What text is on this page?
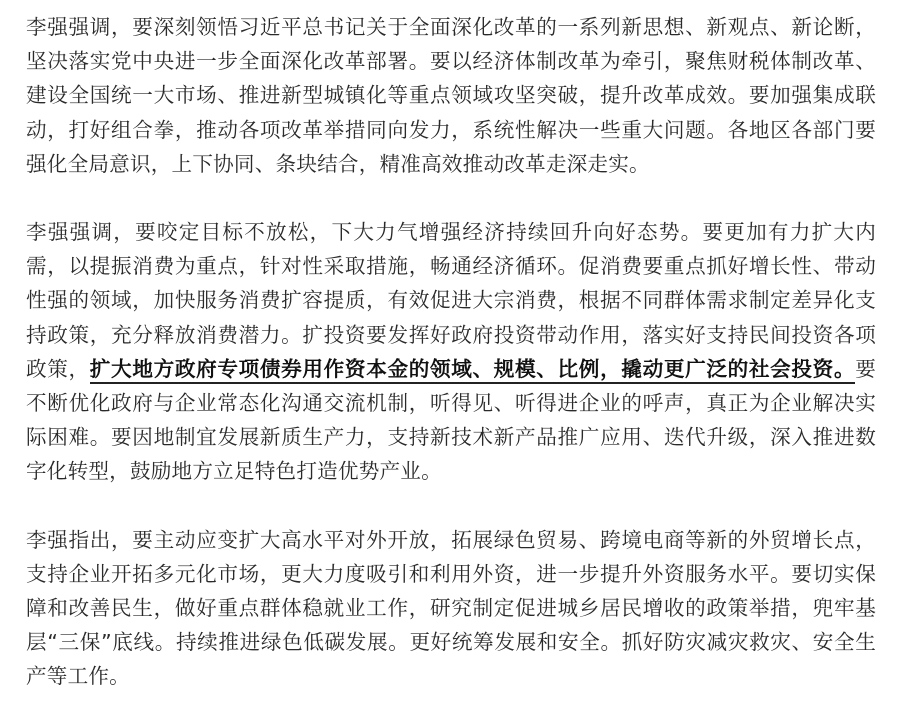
李强强调，要深刻领悟习近平总书记关于全面深化改革的一系列新思想、新观点、新论断，坚决落实党中央进一步全面深化改革部署。要以经济体制改革为牵引，聚焦财税体制改革、建设全国统一大市场、推进新型城镇化等重点领域攻坚突破，提升改革成效。要加强集成联动，打好组合拳，推动各项改革举措同向发力，系统性解决一些重大问题。各地区各部门要强化全局意识，上下协同、条块结合，精准高效推动改革走深走实。

李强强调，要咬定目标不放松，下大力气增强经济持续回升向好态势。要更加有力扩大内需，以提振消费为重点，针对性采取措施，畅通经济循环。促消费要重点抓好增长性、带动性强的领域，加快服务消费扩容提质，有效促进大宗消费，根据不同群体需求制定差异化支持政策，充分释放消费潜力。扩投资要发挥好政府投资带动作用，落实好支持民间投资各项政策，扩大地方政府专项债券用作资本金的领域、规模、比例，撬动更广泛的社会投资。要不断优化政府与企业常态化沟通交流机制，听得见、听得进企业的呼声，真正为企业解决实际困难。要因地制宜发展新质生产力，支持新技术新产品推广应用、迭代升级，深入推进数字化转型，鼓励地方立足特色打造优势产业。

李强指出，要主动应变扩大高水平对外开放，拓展绿色贸易、跨境电商等新的外贸增长点，支持企业开拓多元化市场，更大力度吸引和利用外资，进一步提升外资服务水平。要切实保障和改善民生，做好重点群体稳就业工作，研究制定促进城乡居民增收的政策举措，兜牢基层“三保”底线。持续推进绿色低碳发展。更好统筹发展和安全。抓好防灾减灾救灾、安全生产等工作。
